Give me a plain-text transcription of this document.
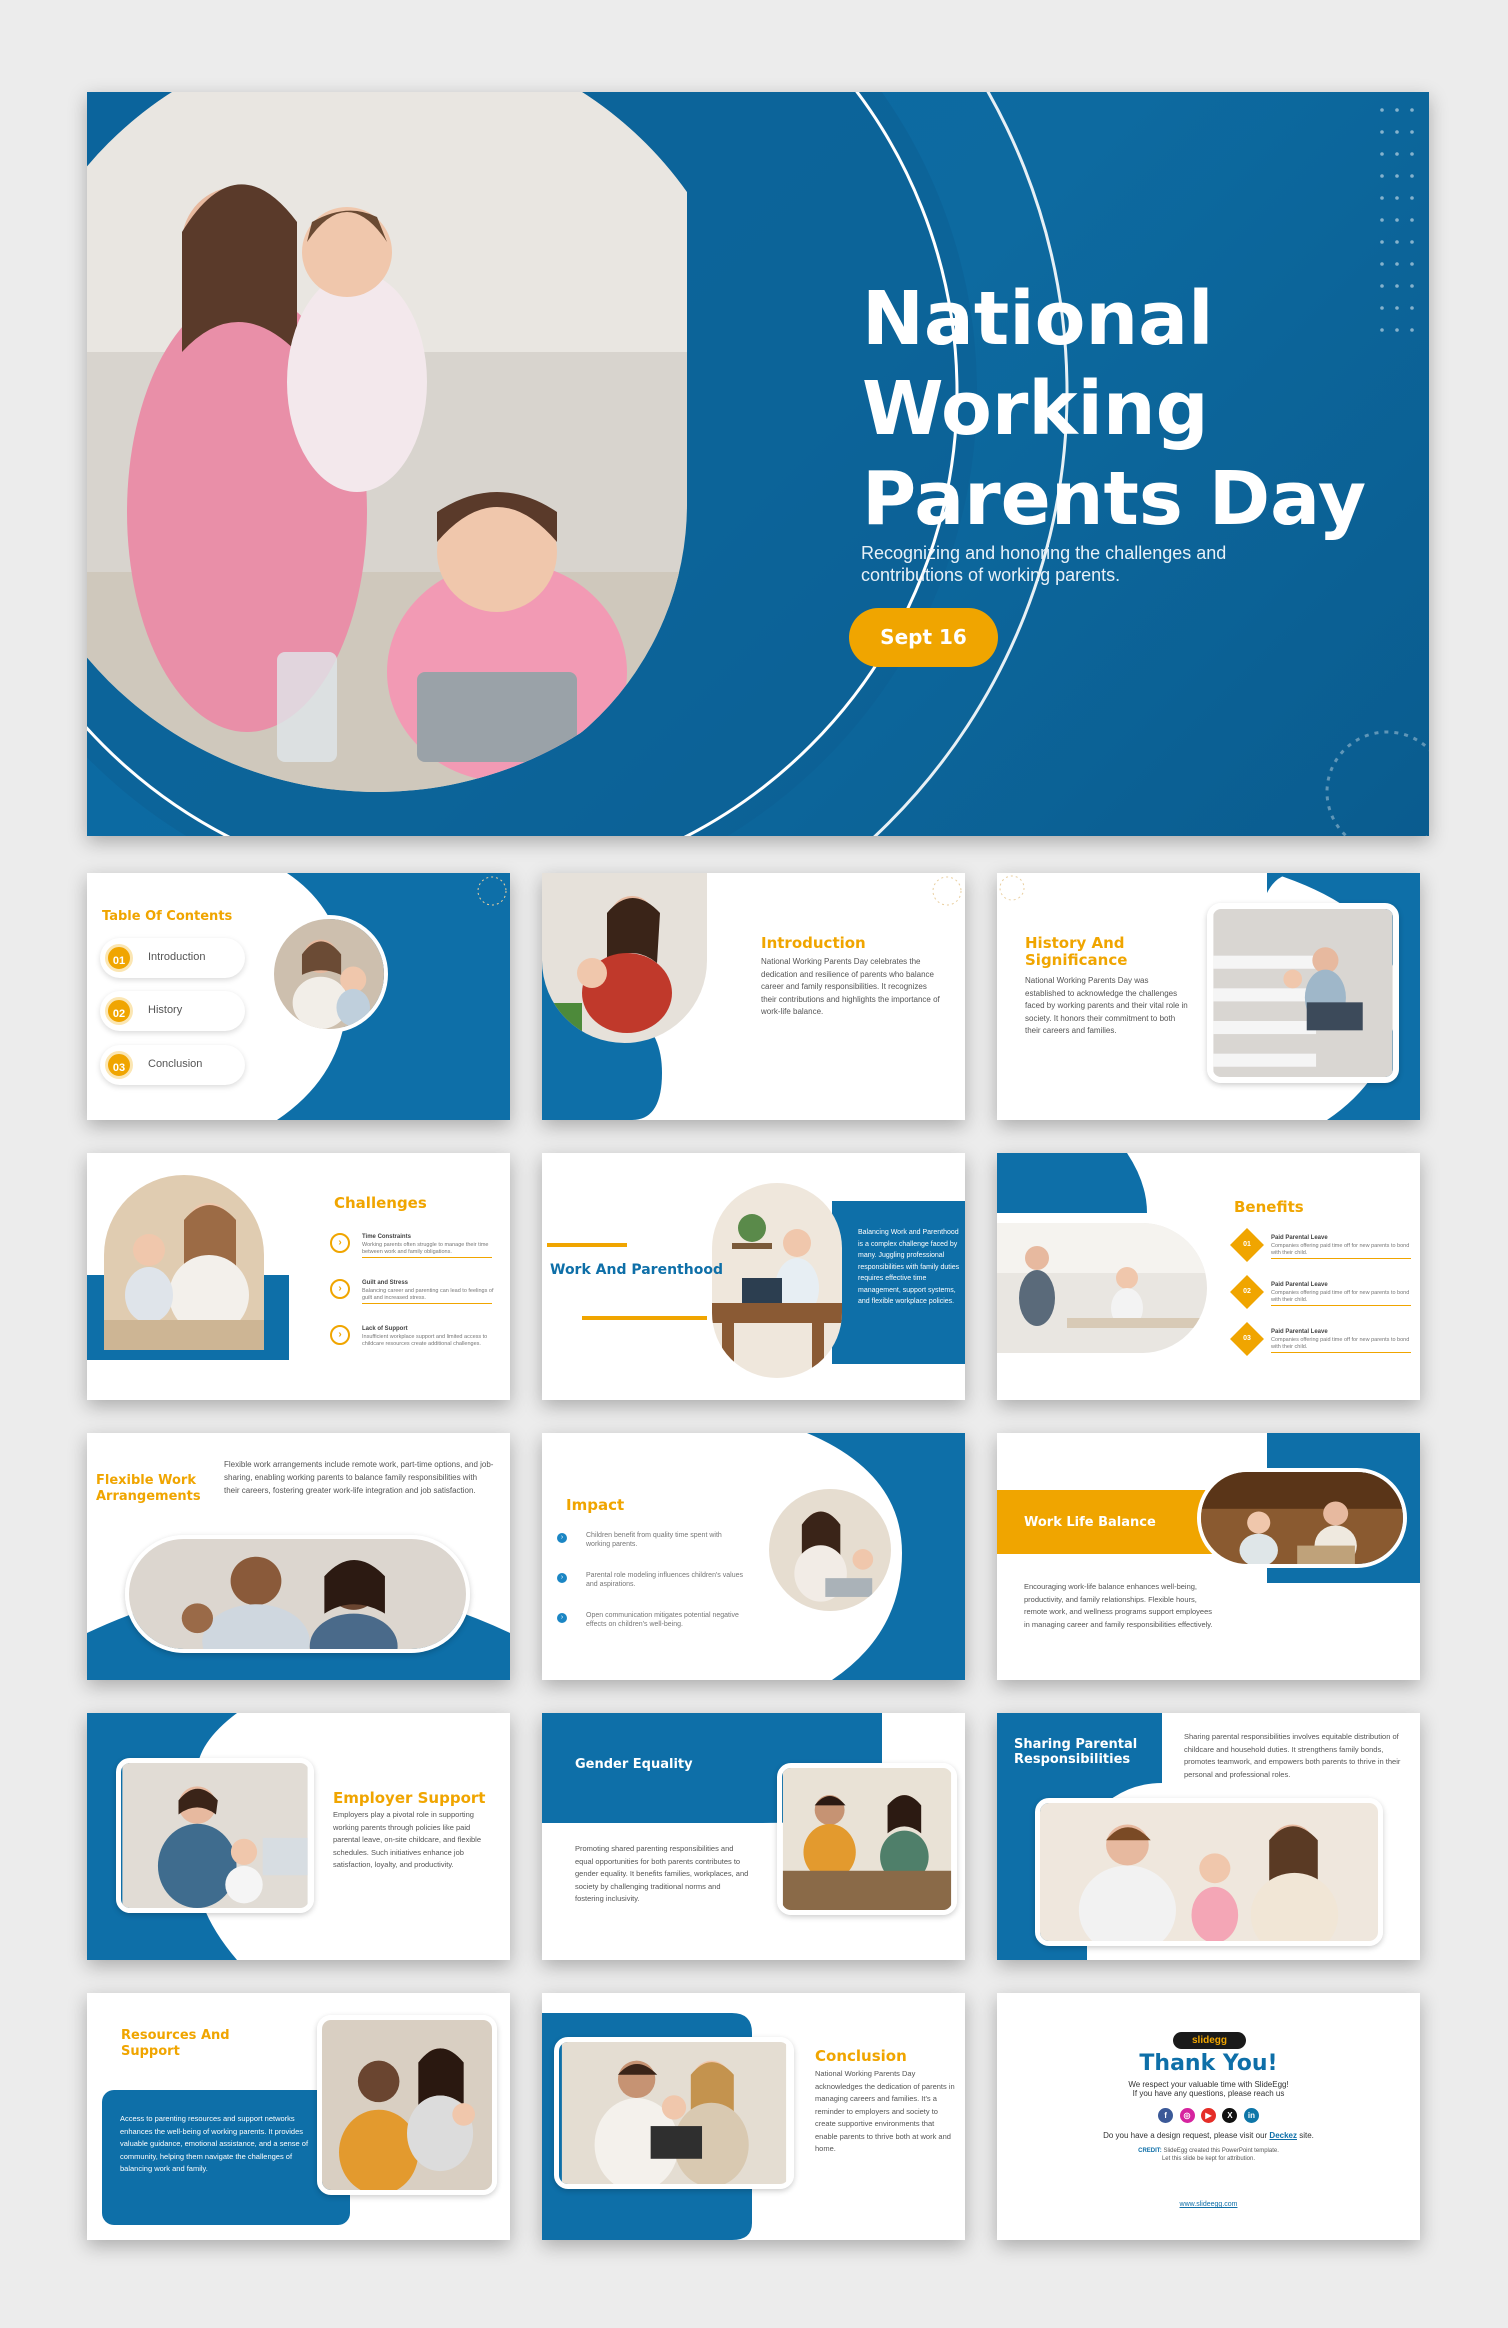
National Working Parents Day
Recognizing and honoring the challenges and contributions of working parents.
Sept 16
Table Of Contents
01	Introduction
02	History
03	Conclusion
Introduction
National Working Parents Day celebrates the dedication and resilience of parents who balance career and family responsibilities. It recognizes their contributions and highlights the importance of work-life balance.
History And Significance
National Working Parents Day was established to acknowledge the challenges faced by working parents and their vital role in society. It honors their commitment to both their careers and families.
Challenges
›	Time Constraints
Working parents often struggle to manage their time between work and family obligations.
›	Guilt and Stress
Balancing career and parenting can lead to feelings of guilt and increased stress.
›	Lack of Support
Insufficient workplace support and limited access to childcare resources create additional challenges.
Work And Parenthood
Balancing Work and Parenthood is a complex challenge faced by many. Juggling professional responsibilities with family duties requires effective time management, support systems, and flexible workplace policies.
Benefits
01
Paid Parental Leave
Companies offering paid time off for new parents to bond with their child.
02
Paid Parental Leave
Companies offering paid time off for new parents to bond with their child.
03
Paid Parental Leave
Companies offering paid time off for new parents to bond with their child.
Flexible Work Arrangements
Flexible work arrangements include remote work, part-time options, and job-sharing, enabling working parents to balance family responsibilities with their careers, fostering greater work-life integration and job satisfaction.
Impact
›	Children benefit from quality time spent with working parents.
›	Parental role modeling influences children's values and aspirations.
›	Open communication mitigates potential negative effects on children's well-being.
Work Life Balance
Encouraging work-life balance enhances well-being, productivity, and family relationships. Flexible hours, remote work, and wellness programs support employees in managing career and family responsibilities effectively.
Employer Support
Employers play a pivotal role in supporting working parents through policies like paid parental leave, on-site childcare, and flexible schedules. Such initiatives enhance job satisfaction, loyalty, and productivity.
Gender Equality
Promoting shared parenting responsibilities and equal opportunities for both parents contributes to gender equality. It benefits families, workplaces, and society by challenging traditional norms and fostering inclusivity.
Sharing Parental Responsibilities
Sharing parental responsibilities involves equitable distribution of childcare and household duties. It strengthens family bonds, promotes teamwork, and empowers both parents to thrive in their personal and professional roles.
Resources And Support
Access to parenting resources and support networks enhances the well-being of working parents. It provides valuable guidance, emotional assistance, and a sense of community, helping them navigate the challenges of balancing work and family.
Conclusion
National Working Parents Day acknowledges the dedication of parents in managing careers and families. It's a reminder to employers and society to create supportive environments that enable parents to thrive both at work and home.
slidegg
Thank You!
We respect your valuable time with SlideEgg!
If you have any questions, please reach us
f ◎ ▶ X in
Do you have a design request, please visit our Deckez site.
CREDIT: SlideEgg created this PowerPoint template.
Let this slide be kept for attribution.
www.slideegg.com
